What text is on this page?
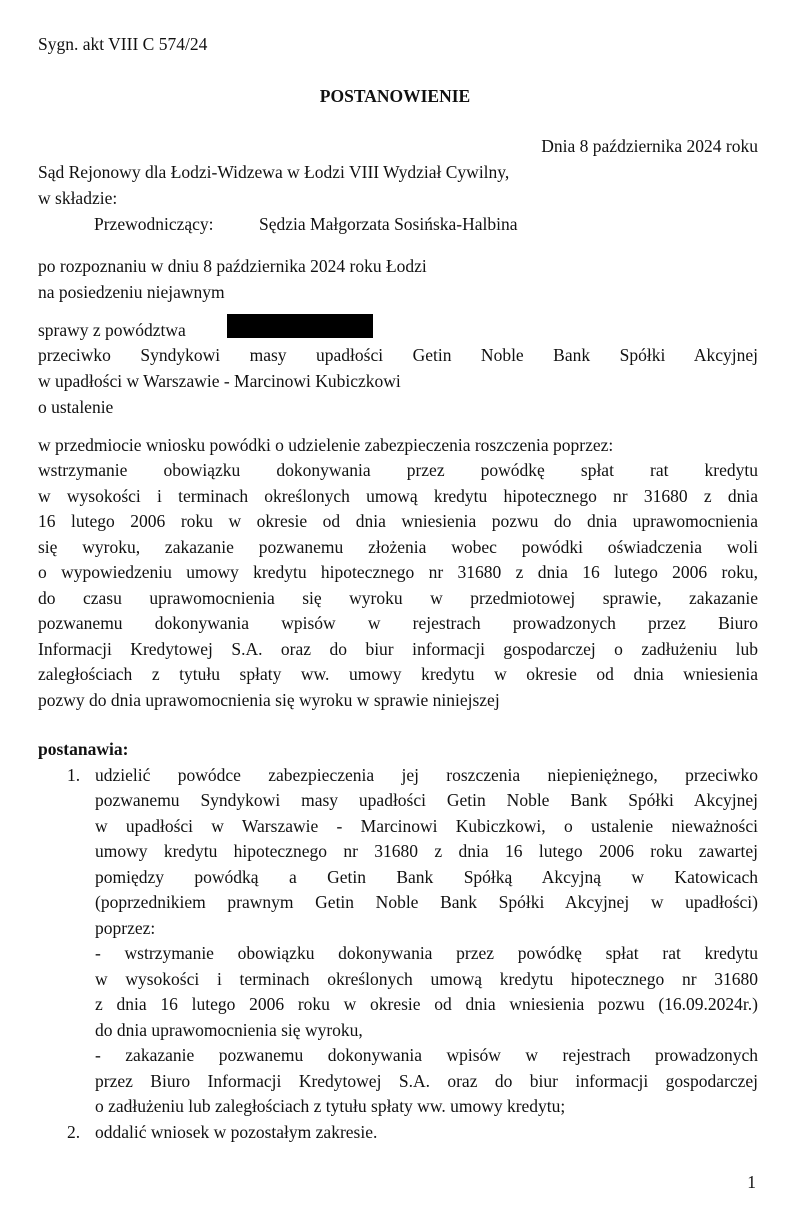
Sygn. akt VIII C 574/24
POSTANOWIENIE
Dnia 8 października 2024 roku
Sąd Rejonowy dla Łodzi-Widzewa w Łodzi VIII Wydział Cywilny,
w składzie:
Przewodniczący:	Sędzia Małgorzata Sosińska-Halbina
po rozpoznaniu w dniu 8 października 2024 roku Łodzi
na posiedzeniu niejawnym
sprawy z powództwa
przeciwko Syndykowi masy upadłości Getin Noble Bank Spółki Akcyjnej
w upadłości w Warszawie - Marcinowi Kubiczkowi
o ustalenie
w przedmiocie wniosku powódki o udzielenie zabezpieczenia roszczenia poprzez:
wstrzymanie obowiązku dokonywania przez powódkę spłat rat kredytu
w wysokości i terminach określonych umową kredytu hipotecznego nr 31680 z dnia
16 lutego 2006 roku w okresie od dnia wniesienia pozwu do dnia uprawomocnienia
się wyroku, zakazanie pozwanemu złożenia wobec powódki oświadczenia woli
o wypowiedzeniu umowy kredytu hipotecznego nr 31680 z dnia 16 lutego 2006 roku,
do czasu uprawomocnienia się wyroku w przedmiotowej sprawie, zakazanie
pozwanemu dokonywania wpisów w rejestrach prowadzonych przez Biuro
Informacji Kredytowej S.A. oraz do biur informacji gospodarczej o zadłużeniu lub
zaległościach z tytułu spłaty ww. umowy kredytu w okresie od dnia wniesienia
pozwy do dnia uprawomocnienia się wyroku w sprawie niniejszej
postanawia:
1. udzielić powódce zabezpieczenia jej roszczenia niepieniężnego, przeciwko
pozwanemu Syndykowi masy upadłości Getin Noble Bank Spółki Akcyjnej
w upadłości w Warszawie - Marcinowi Kubiczkowi, o ustalenie nieważności
umowy kredytu hipotecznego nr 31680 z dnia 16 lutego 2006 roku zawartej
pomiędzy powódką a Getin Bank Spółką Akcyjną w Katowicach
(poprzednikiem prawnym Getin Noble Bank Spółki Akcyjnej w upadłości)
poprzez:
- wstrzymanie obowiązku dokonywania przez powódkę spłat rat kredytu
w wysokości i terminach określonych umową kredytu hipotecznego nr 31680
z dnia 16 lutego 2006 roku w okresie od dnia wniesienia pozwu (16.09.2024r.)
do dnia uprawomocnienia się wyroku,
- zakazanie pozwanemu dokonywania wpisów w rejestrach prowadzonych
przez Biuro Informacji Kredytowej S.A. oraz do biur informacji gospodarczej
o zadłużeniu lub zaległościach z tytułu spłaty ww. umowy kredytu;
2. oddalić wniosek w pozostałym zakresie.
1
